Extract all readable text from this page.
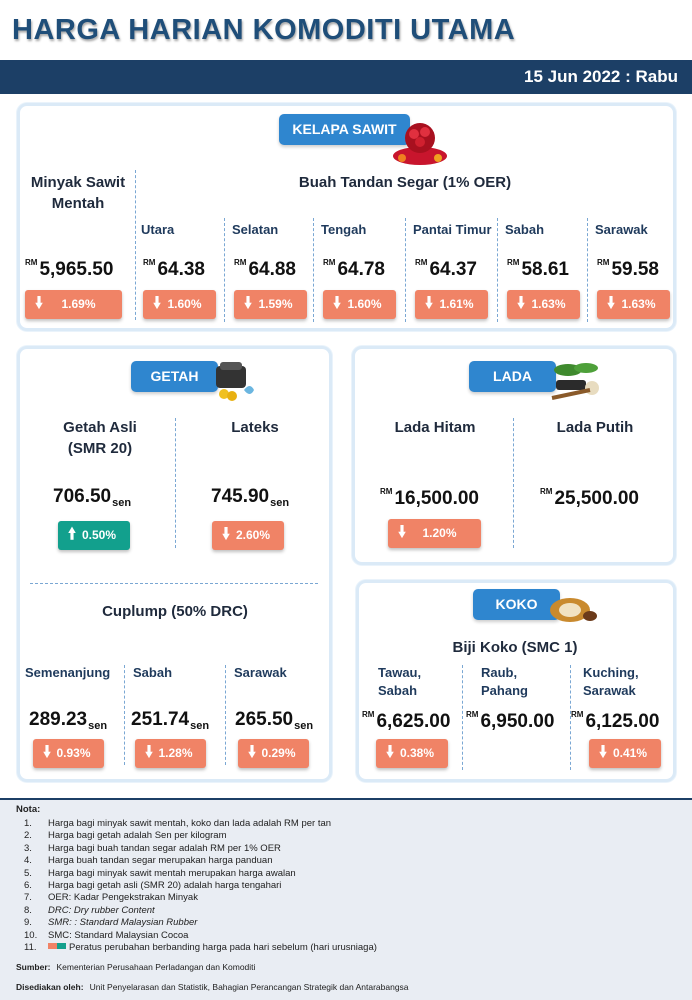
HARGA HARIAN KOMODITI UTAMA
15 Jun 2022 : Rabu
KELAPA SAWIT
Minyak Sawit Mentah
$^{RM}$ 5,965.50
🠛	1.69%
Buah Tandan Segar (1% OER)
Utara
$^{RM}$ 64.38
🠛 1.60%
Selatan
$^{RM}$ 64.88
🠛 1.59%
Tengah
$^{RM}$ 64.78
🠛 1.60%
Pantai Timur
$^{RM}$ 64.37
🠛 1.61%
Sabah
$^{RM}$ 58.61
🠛 1.63%
Sarawak
$^{RM}$ 59.58
🠛 1.63%
GETAH
Getah Asli (SMR 20)
$706.50_{sen}$
🠙 0.50%
Lateks
$745.90_{sen}$
🠛 2.60%
Cuplump (50% DRC)
Semenanjung
$289.23_{sen}$
🠛 0.93%
Sabah
$251.74_{sen}$
🠛 1.28%
Sarawak
$265.50_{sen}$
🠛 0.29%
LADA
Lada Hitam
$^{RM}$ 16,500.00
🠛	1.20%
Lada Putih
$^{RM}$ 25,500.00
KOKO
Biji Koko (SMC 1)
Tawau, Sabah
$^{RM}$ 6,625.00
🠛 0.38%
Raub, Pahang
$^{RM}$ 6,950.00
Kuching, Sarawak
$^{RM}$ 6,125.00
🠛 0.41%
Nota:
1. Harga bagi minyak sawit mentah, koko dan lada adalah RM per tan
2. Harga bagi getah adalah Sen per kilogram
3. Harga bagi buah tandan segar adalah RM per 1% OER
4. Harga buah tandan segar merupakan harga panduan
5. Harga bagi minyak sawit mentah merupakan harga awalan
6. Harga bagi getah asli (SMR 20) adalah harga tengahari
7. OER: Kadar Pengekstrakan Minyak
8. DRC: Dry rubber Content
9. SMR: : Standard Malaysian Rubber
10. SMC: Standard Malaysian Cocoa
11.	Peratus perubahan berbanding harga pada hari sebelum (hari urusniaga)
Sumber: Kementerian Perusahaan Perladangan dan Komoditi
Disediakan oleh: Unit Penyelarasan dan Statistik, Bahagian Perancangan Strategik dan Antarabangsa
